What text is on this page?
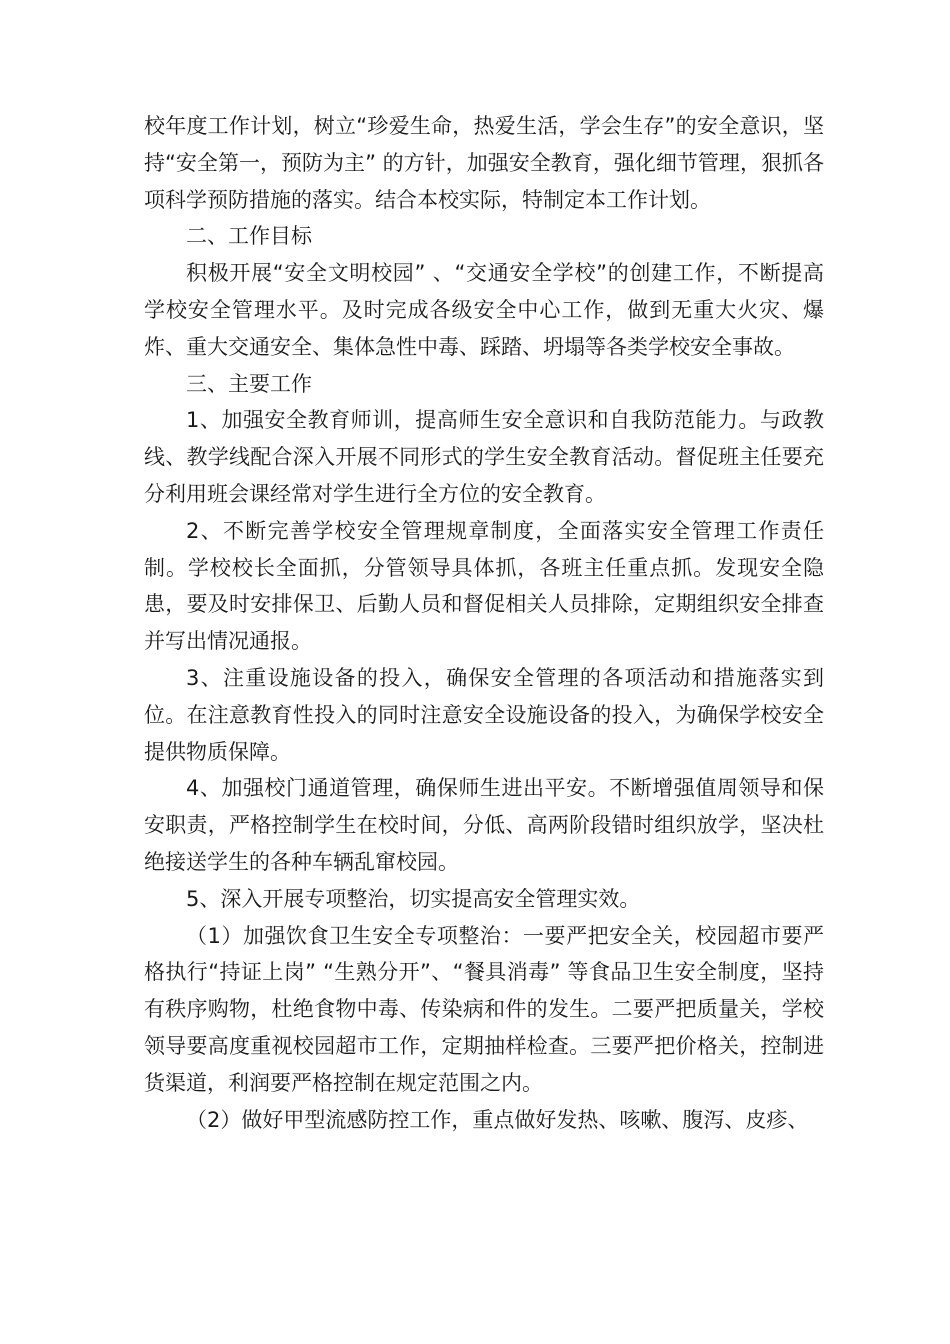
校年度工作计划，树立“珍爱生命，热爱生活，学会生存”的安全意识，坚持“安全第一，预防为主” 的方针，加强安全教育，强化细节管理，狠抓各项科学预防措施的落实。结合本校实际，特制定本工作计划。

二、工作目标

积极开展“安全文明校园” 、“交通安全学校”的创建工作，不断提高学校安全管理水平。及时完成各级安全中心工作，做到无重大火灾、爆炸、重大交通安全、集体急性中毒、踩踏、坍塌等各类学校安全事故。

三、主要工作

1、加强安全教育师训，提高师生安全意识和自我防范能力。与政教线、教学线配合深入开展不同形式的学生安全教育活动。督促班主任要充分利用班会课经常对学生进行全方位的安全教育。

2、不断完善学校安全管理规章制度，全面落实安全管理工作责任制。学校校长全面抓，分管领导具体抓，各班主任重点抓。发现安全隐患，要及时安排保卫、后勤人员和督促相关人员排除，定期组织安全排查并写出情况通报。

3、注重设施设备的投入，确保安全管理的各项活动和措施落实到位。在注意教育性投入的同时注意安全设施设备的投入，为确保学校安全提供物质保障。

4、加强校门通道管理，确保师生进出平安。不断增强值周领导和保安职责，严格控制学生在校时间，分低、高两阶段错时组织放学，坚决杜绝接送学生的各种车辆乱窜校园。

5、深入开展专项整治，切实提高安全管理实效。

（1）加强饮食卫生安全专项整治：一要严把安全关，校园超市要严格执行“持证上岗” “生熟分开”、“餐具消毒” 等食品卫生安全制度，坚持有秩序购物，杜绝食物中毒、传染病和件的发生。二要严把质量关，学校领导要高度重视校园超市工作，定期抽样检查。三要严把价格关，控制进货渠道，利润要严格控制在规定范围之内。

（2）做好甲型流感防控工作，重点做好发热、咳嗽、腹泻、皮疹、
